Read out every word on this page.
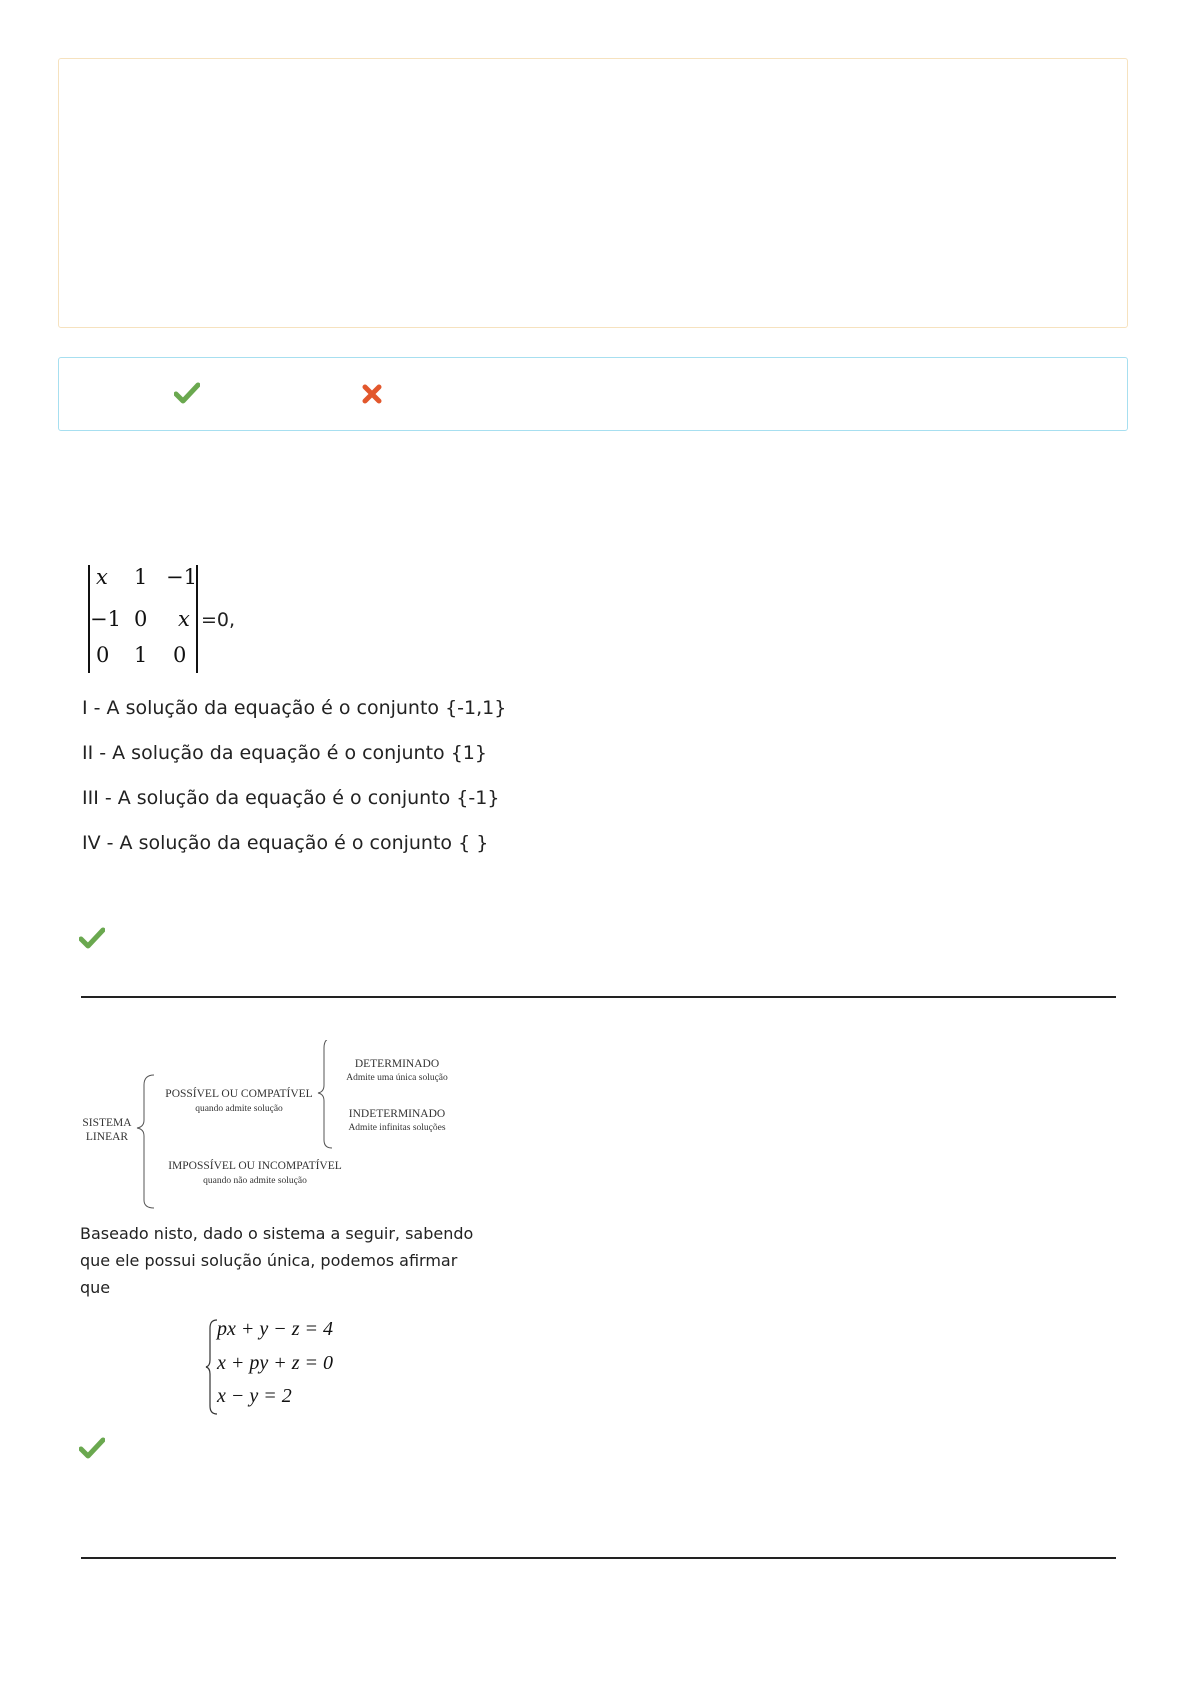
x 1 −1
−1 0 x
0 1 0
=0,
I - A solução da equação é o conjunto {-1,1}
II - A solução da equação é o conjunto {1}
III - A solução da equação é o conjunto {-1}
IV - A solução da equação é o conjunto { }
SISTEMA
LINEAR
POSSÍVEL OU COMPATÍVEL
quando admite solução
DETERMINADO
Admite uma única solução
INDETERMINADO
Admite infinitas soluções
IMPOSSÍVEL OU INCOMPATÍVEL
quando não admite solução
Baseado nisto, dado o sistema a seguir, sabendo que ele possui solução única, podemos afirmar que
px + y − z = 4
x + py + z = 0
x − y = 2
